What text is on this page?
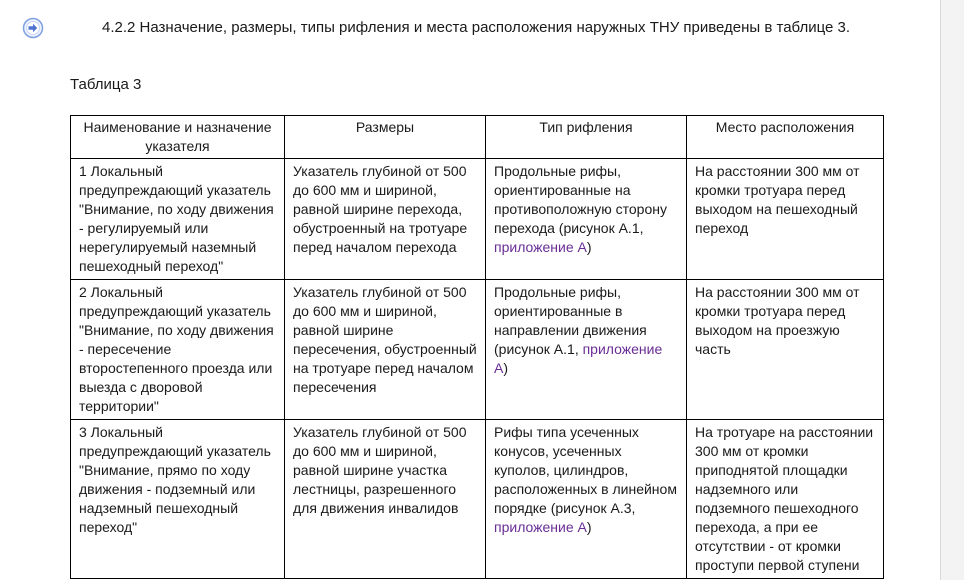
4.2.2 Назначение, размеры, типы рифления и места расположения наружных ТНУ приведены в таблице 3.
Таблица 3
Наименование и назначение указателя	Размеры	Тип рифления	Место расположения
1 Локальный предупреждающий указатель "Внимание, по ходу движения - регулируемый или нерегулируемый наземный пешеходный переход"	Указатель глубиной от 500 до 600 мм и шириной, равной ширине перехода, обустроенный на тротуаре перед началом перехода	Продольные рифы, ориентированные на противоположную сторону перехода (рисунок А.1, приложение А)	На расстоянии 300 мм от кромки тротуара перед выходом на пешеходный переход
2 Локальный предупреждающий указатель "Внимание, по ходу движения - пересечение второстепенного проезда или выезда с дворовой территории"	Указатель глубиной от 500 до 600 мм и шириной, равной ширине пересечения, обустроенный на тротуаре перед началом пересечения	Продольные рифы, ориентированные в направлении движения (рисунок А.1, приложение А)	На расстоянии 300 мм от кромки тротуара перед выходом на проезжую часть
3 Локальный предупреждающий указатель "Внимание, прямо по ходу движения - подземный или надземный пешеходный переход"	Указатель глубиной от 500 до 600 мм и шириной, равной ширине участка лестницы, разрешенного для движения инвалидов	Рифы типа усеченных конусов, усеченных куполов, цилиндров, расположенных в линейном порядке (рисунок А.3, приложение А)	На тротуаре на расстоянии 300 мм от кромки приподнятой площадки надземного или подземного пешеходного перехода, а при ее отсутствии - от кромки проступи первой ступени
